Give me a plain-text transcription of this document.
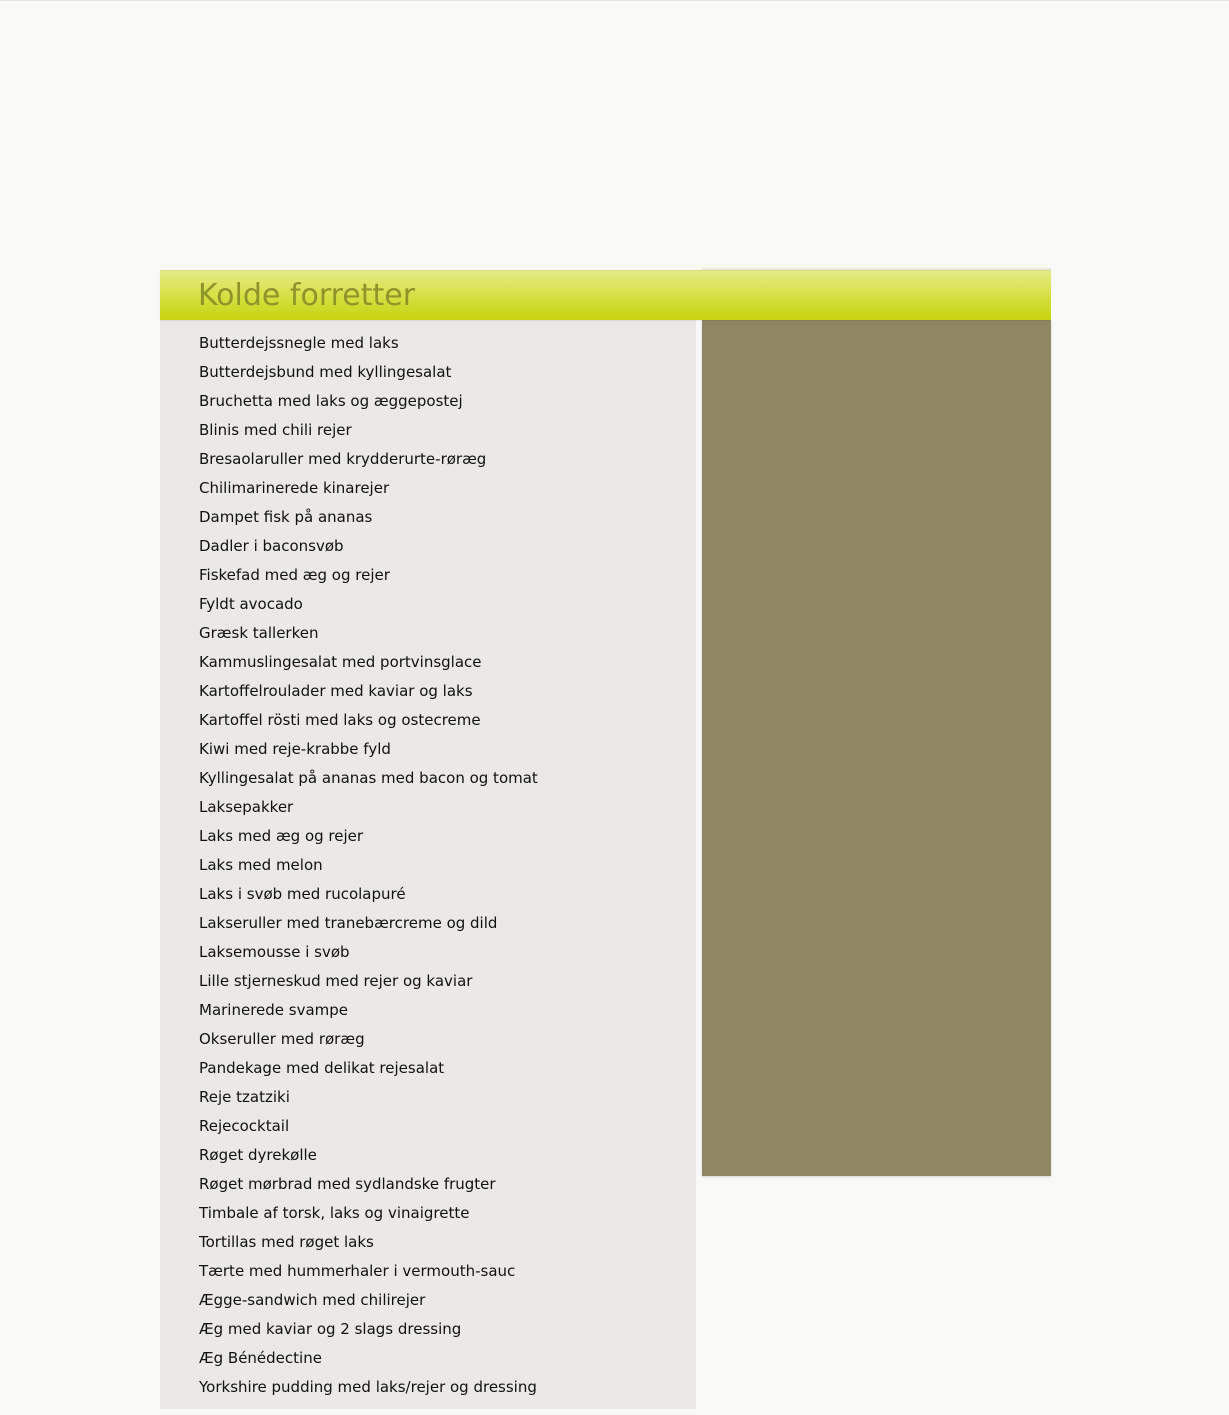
Kolde forretter
Butterdejssnegle med laks
Butterdejsbund med kyllingesalat
Bruchetta med laks og æggepostej
Blinis med chili rejer
Bresaolaruller med krydderurte-røræg
Chilimarinerede kinarejer
Dampet fisk på ananas
Dadler i baconsvøb
Fiskefad med æg og rejer
Fyldt avocado
Græsk tallerken
Kammuslingesalat med portvinsglace
Kartoffelroulader med kaviar og laks
Kartoffel rösti med laks og ostecreme
Kiwi med reje-krabbe fyld
Kyllingesalat på ananas med bacon og tomat
Laksepakker
Laks med æg og rejer
Laks med melon
Laks i svøb med rucolapuré
Lakseruller med tranebærcreme og dild
Laksemousse i svøb
Lille stjerneskud med rejer og kaviar
Marinerede svampe
Okseruller med røræg
Pandekage med delikat rejesalat
Reje tzatziki
Rejecocktail
Røget dyrekølle
Røget mørbrad med sydlandske frugter
Timbale af torsk, laks og vinaigrette
Tortillas med røget laks
Tærte med hummerhaler i vermouth-sauc
Ægge-sandwich med chilirejer
Æg med kaviar og 2 slags dressing
Æg Bénédectine
Yorkshire pudding med laks/rejer og dressing
